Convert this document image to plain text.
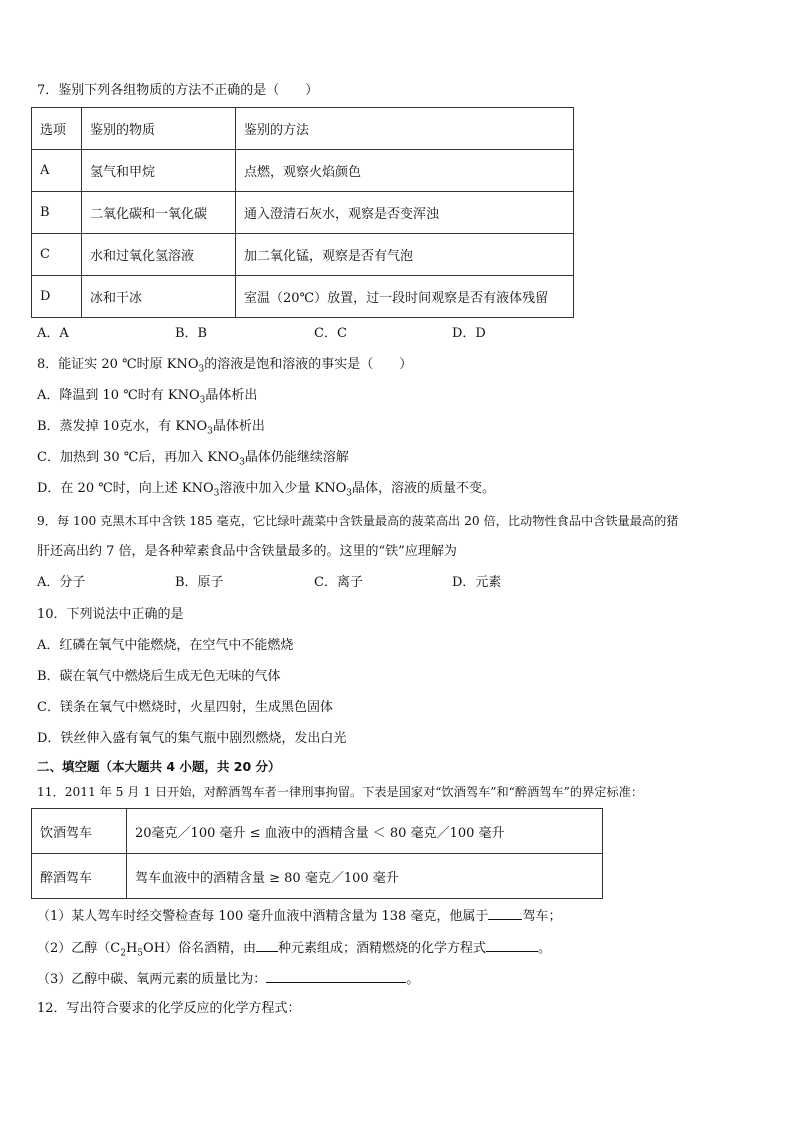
7．鉴别下列各组物质的方法不正确的是（　　）
选项	鉴别的物质	鉴别的方法
A	氢气和甲烷	点燃，观察火焰颜色
B	二氧化碳和一氧化碳	通入澄清石灰水，观察是否变浑浊
C	水和过氧化氢溶液	加二氧化锰，观察是否有气泡
D	冰和干冰	室温（20℃）放置，过一段时间观察是否有液体残留
A．A	B．B	C．C	D．D
8．能证实 20 ℃时原 $KNO_3$的溶液是饱和溶液的事实是（　　）
A．降温到 10 ℃时有 $KNO_3$晶体析出
B．蒸发掉 10克水，有 $KNO_3$晶体析出
C．加热到 30 ℃后，再加入 $KNO_3$晶体仍能继续溶解
D．在 20 ℃时，向上述 $KNO_3$溶液中加入少量 $KNO_3$晶体，溶液的质量不变。
9．每 100 克黑木耳中含铁 185 毫克，它比绿叶蔬菜中含铁量最高的菠菜高出 20 倍，比动物性食品中含铁量最高的猪
肝还高出约 7 倍，是各种荤素食品中含铁量最多的。这里的“铁”应理解为
A．分子	B．原子	C．离子	D．元素
10．下列说法中正确的是
A．红磷在氧气中能燃烧，在空气中不能燃烧
B．碳在氧气中燃烧后生成无色无味的气体
C．镁条在氧气中燃烧时，火星四射，生成黑色固体
D．铁丝伸入盛有氧气的集气瓶中剧烈燃烧，发出白光
二、填空题（本大题共 4 小题，共 20 分）
11．2011 年 5 月 1 日开始，对醉酒驾车者一律刑事拘留。下表是国家对“饮酒驾车”和“醉酒驾车”的界定标准：
饮酒驾车	20毫克／100 毫升 ≤ 血液中的酒精含量 ＜ 80 毫克／100 毫升
醉酒驾车	驾车血液中的酒精含量 ≥ 80 毫克／100 毫升
（1）某人驾车时经交警检查每 100 毫升血液中酒精含量为 138 毫克，他属于	驾车；
（2）乙醇$(C_2H_5OH)$俗名酒精，由 种元素组成；酒精燃烧的化学方程式	。
（3）乙醇中碳、氧两元素的质量比为：	。
12．写出符合要求的化学反应的化学方程式：
